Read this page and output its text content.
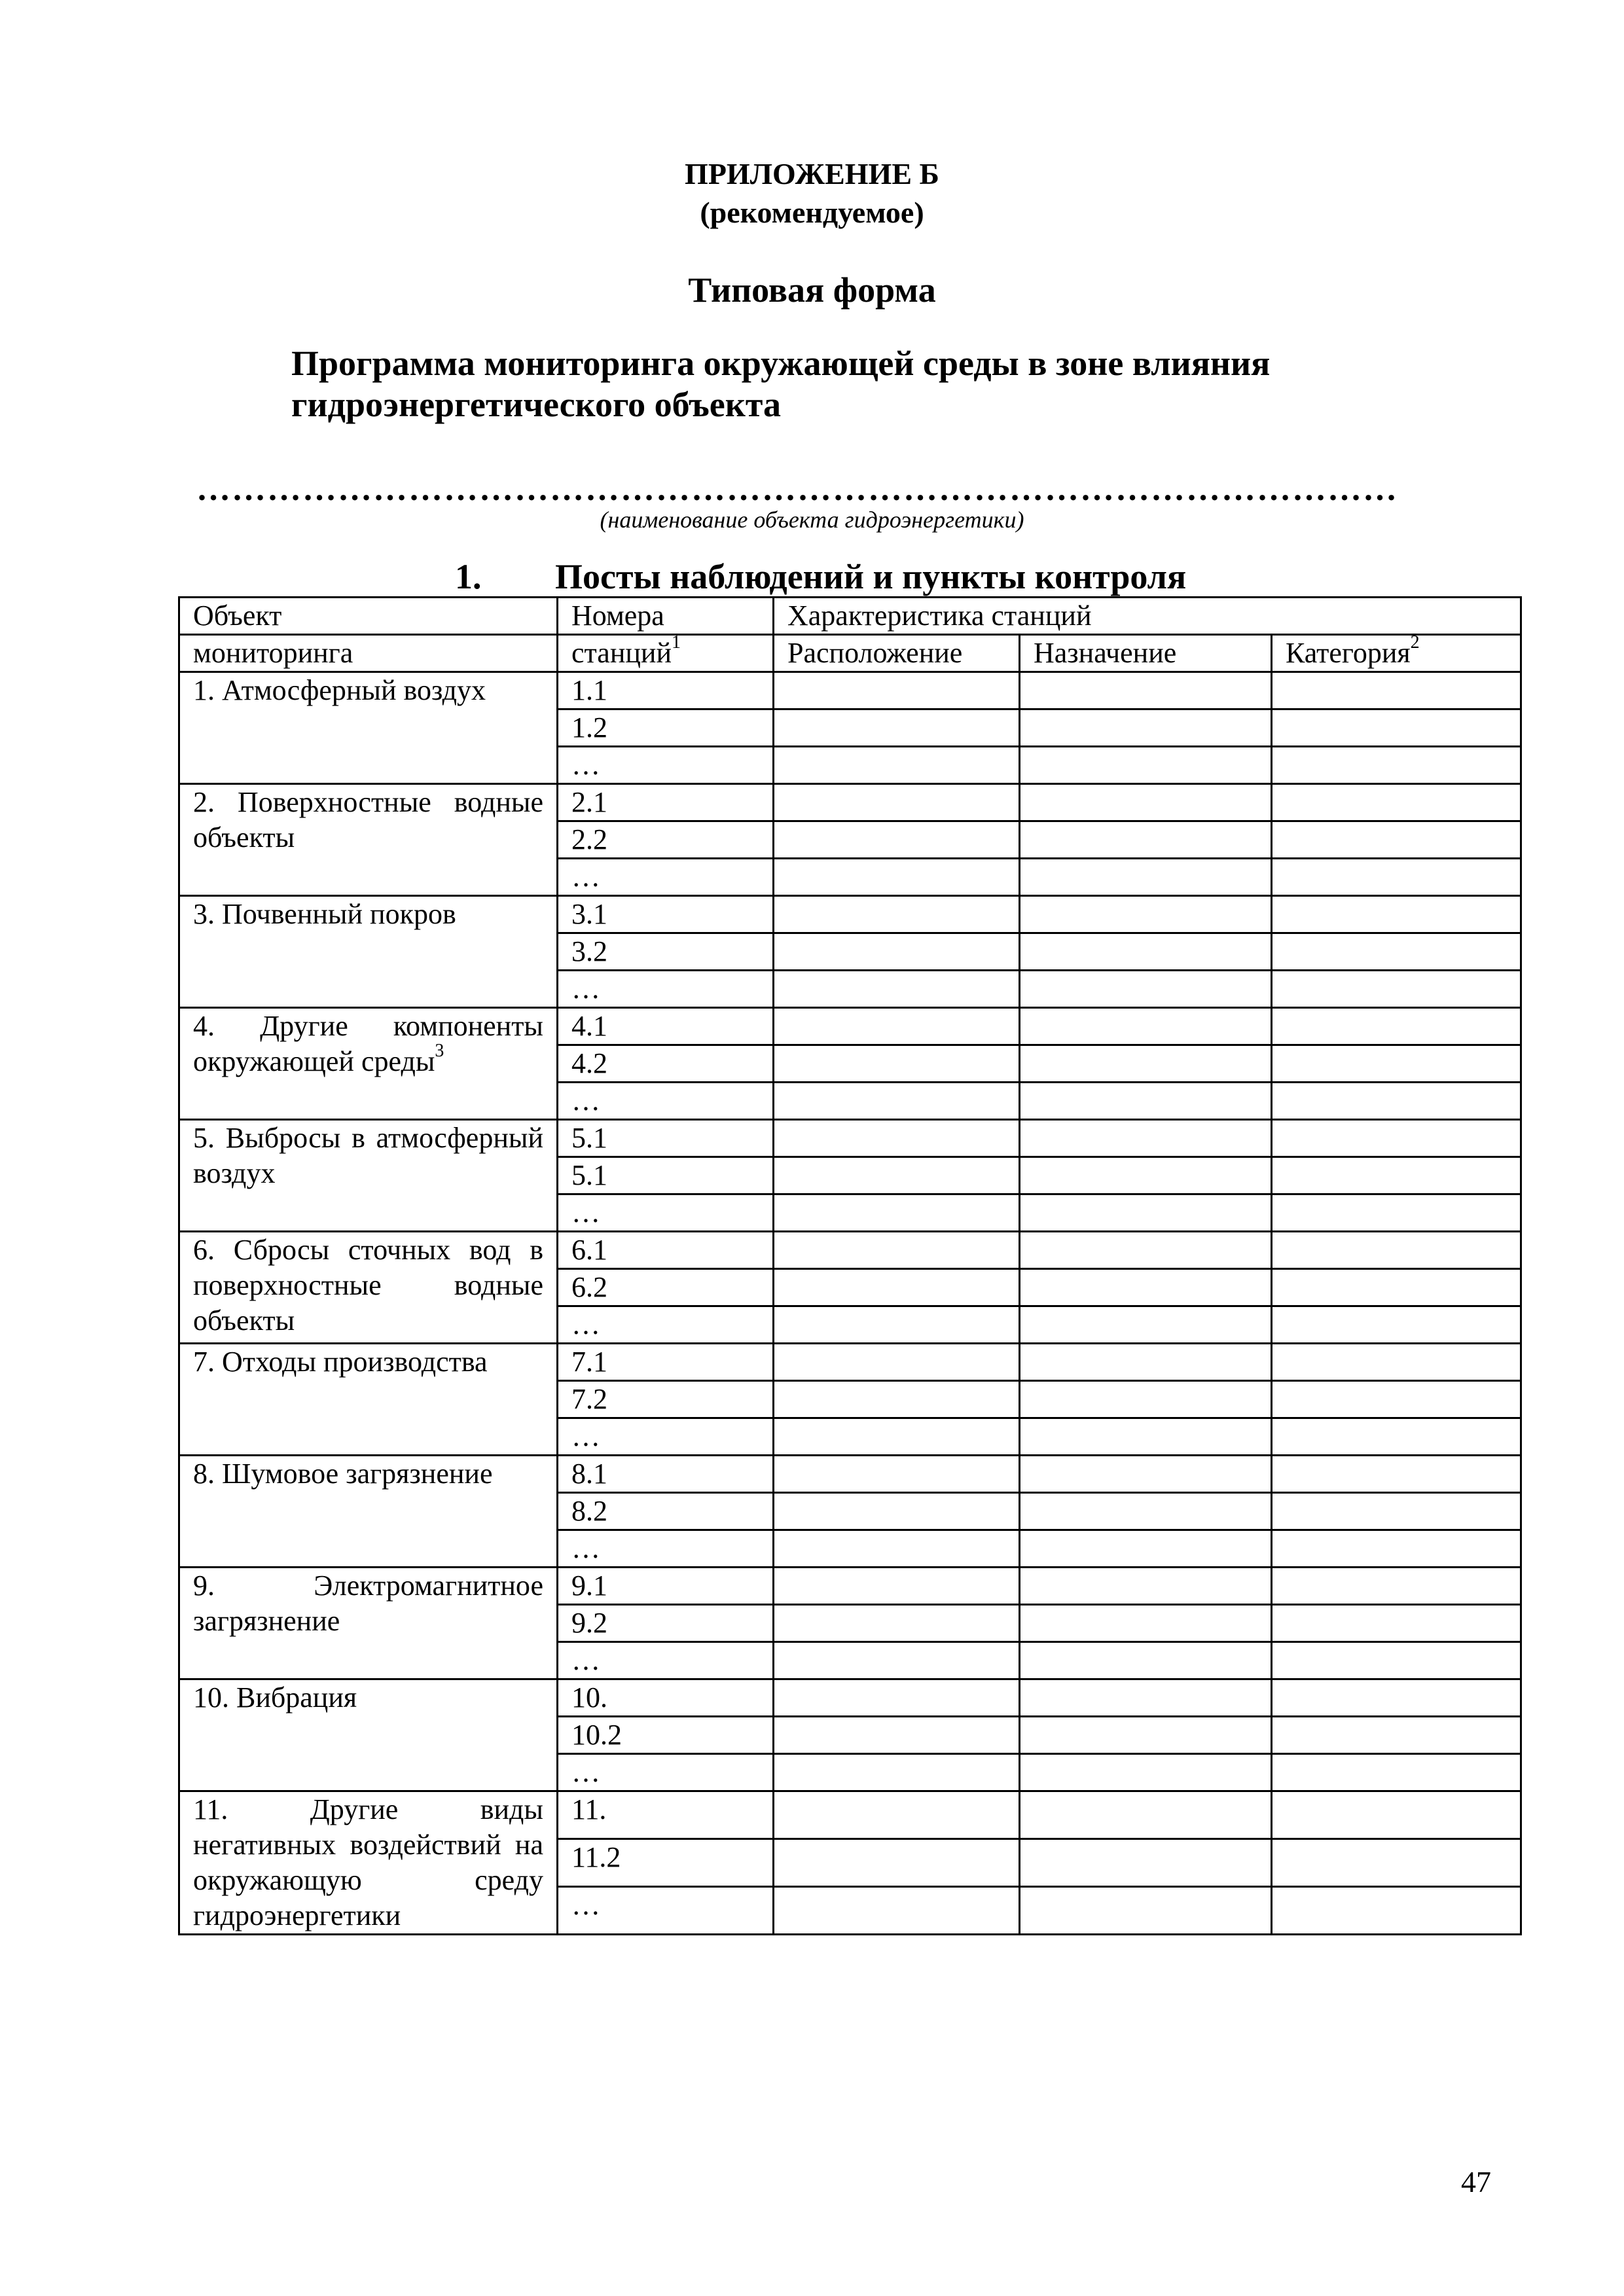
ПРИЛОЖЕНИЕ Б
(рекомендуемое)
Типовая форма
Программа мониторинга окружающей среды в зоне влияния
гидроэнергетического объекта
…………………………………………………………………………………………
(наименование объекта гидроэнергетики)
1. Посты наблюдений и пункты контроля
Объект	Номера	Характеристика станций		
мониторинга	станций$^1$	Расположение	Назначение	Категория$^2$
1. Атмосферный воздух	1.1			
	1.2			
	…			
2. Поверхностные водные объекты	2.1			
	2.2			
	…			
3. Почвенный покров	3.1			
	3.2			
	…			
4. Другие компоненты окружающей среды$^3$	4.1			
	4.2			
	…			
5. Выбросы в атмосферный воздух	5.1			
	5.1			
	…			
6. Сбросы сточных вод в поверхностные водные объекты	6.1			
	6.2			
	…			
7. Отходы производства	7.1			
	7.2			
	…			
8. Шумовое загрязнение	8.1			
	8.2			
	…			
9. Электромагнитное загрязнение	9.1			
	9.2			
	…			
10. Вибрация	10.			
	10.2			
	…			
11. Другие виды негативных воздействий на окружающую среду гидроэнергетики	11.			
	11.2			
	…			
47
